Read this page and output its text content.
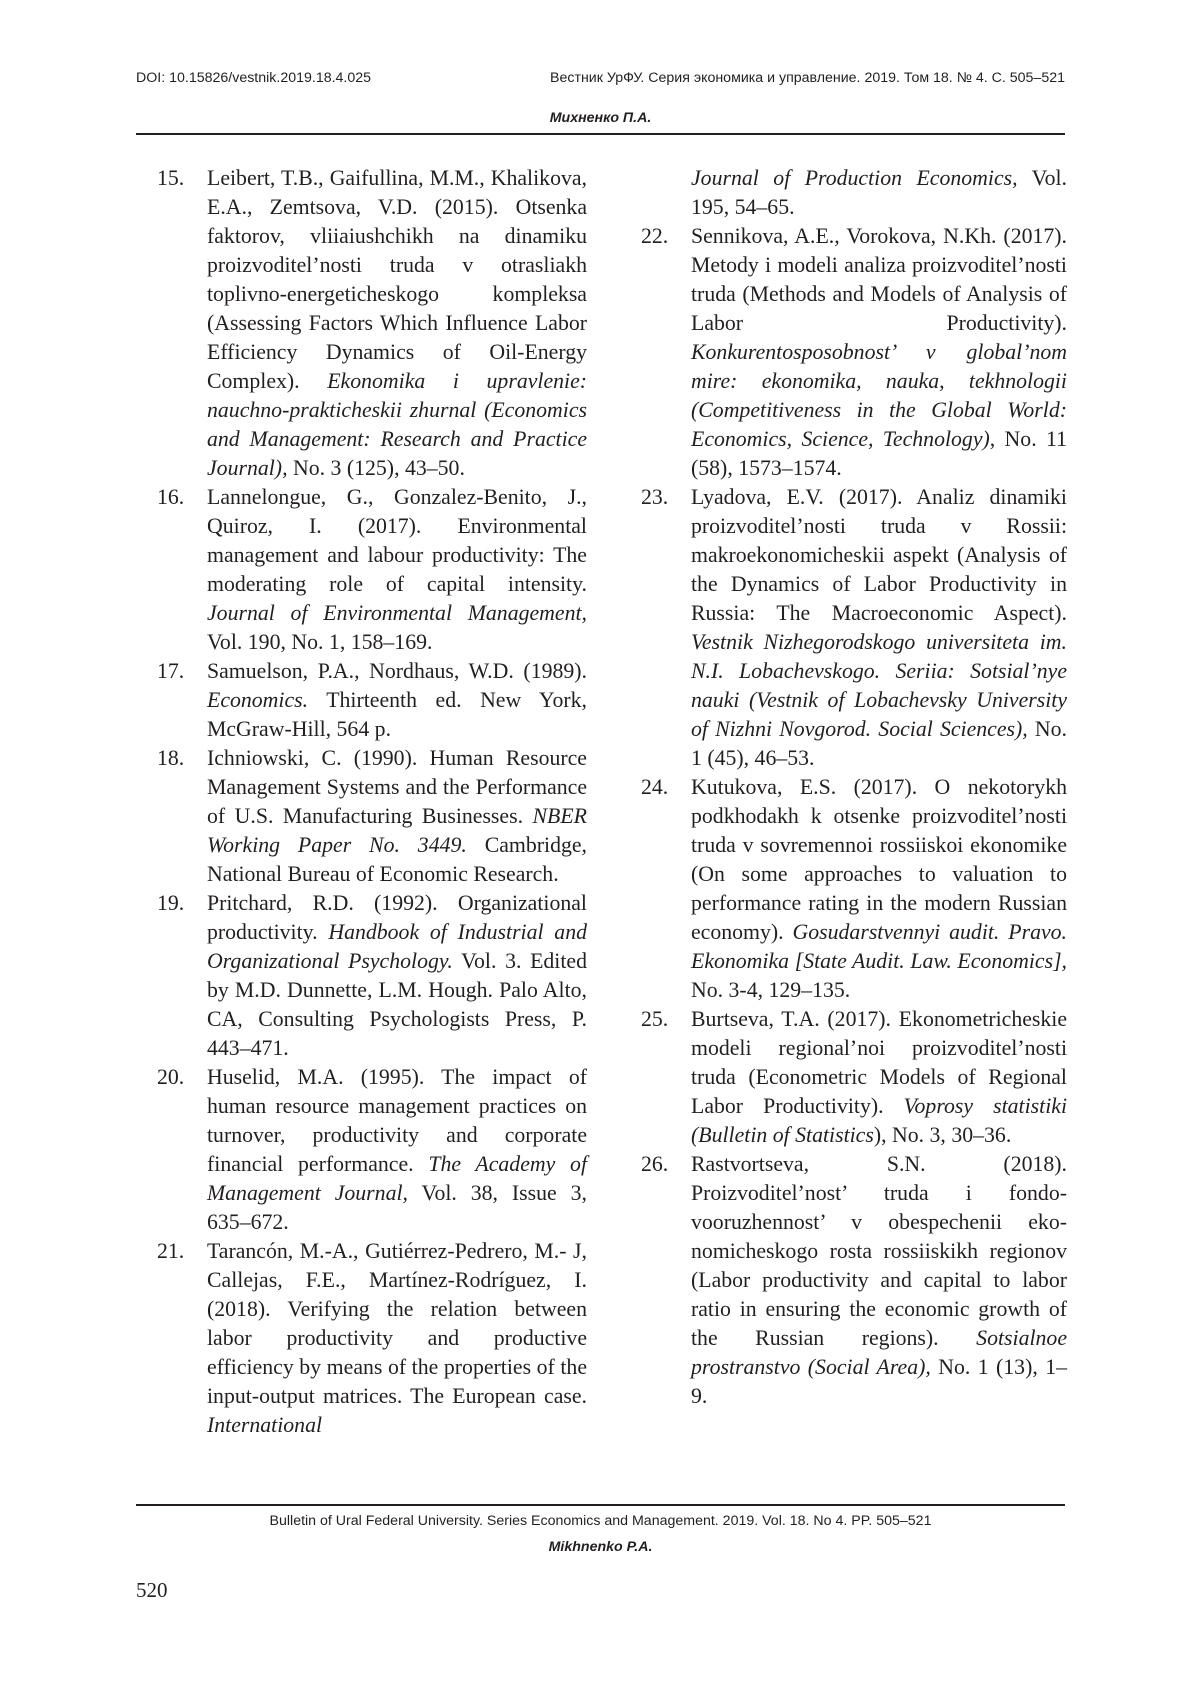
DOI: 10.15826/vestnik.2019.18.4.025	Вестник УрФУ. Серия экономика и управление. 2019. Том 18. № 4. С. 505–521
Михненко П.А.
15. Leibert, T.B., Gaifullina, M.M., Khalikova, E.A., Zemtsova, V.D. (2015). Otsenka faktorov, vliiaiushchikh na dinamiku proizvoditel’nosti truda v otrasliakh toplivno-energeticheskogo kompleksa (Assessing Factors Which Influence Labor Efficiency Dynamics of Oil-Energy Complex). Ekonomika i upravlenie: nauchno-prakticheskii zhurnal (Economics and Management: Research and Practice Journal), No. 3 (125), 43–50.
16. Lannelongue, G., Gonzalez-Benito, J., Quiroz, I. (2017). Environmental management and labour productivity: The moderating role of capital intensity. Journal of Environmental Management, Vol. 190, No. 1, 158–169.
17. Samuelson, P.A., Nordhaus, W.D. (1989). Economics. Thirteenth ed. New York, McGraw-Hill, 564 p.
18. Ichniowski, C. (1990). Human Resource Management Systems and the Performance of U.S. Manufacturing Businesses. NBER Working Paper No. 3449. Cambridge, National Bureau of Economic Research.
19. Pritchard, R.D. (1992). Organizational productivity. Handbook of Industrial and Organizational Psychology. Vol. 3. Edited by M.D. Dunnette, L.M. Hough. Palo Alto, CA, Consulting Psychologists Press, P. 443–471.
20. Huselid, M.A. (1995). The impact of human resource management practices on turnover, productivity and corporate financial performance. The Academy of Management Journal, Vol. 38, Issue 3, 635–672.
21. Tarancón, M.-A., Gutiérrez-Pedrero, M.- J, Callejas, F.E., Martínez-Rodríguez, I. (2018). Verifying the relation between labor productivity and productive efficiency by means of the properties of the input-output matrices. The European case. International
Journal of Production Economics, Vol. 195, 54–65.
22. Sennikova, A.E., Vorokova, N.Kh. (2017). Metody i modeli analiza proizvoditel’nosti truda (Methods and Models of Analysis of Labor Productivity). Konkurentosposobnost’ v global’nom mire: ekonomika, nauka, tekhnologii (Competitiveness in the Global World: Economics, Science, Technology), No. 11 (58), 1573–1574.
23. Lyadova, E.V. (2017). Analiz dinamiki proizvoditel’nosti truda v Rossii: makroekonomicheskii aspekt (Analysis of the Dynamics of Labor Productivity in Russia: The Macroeconomic Aspect). Vestnik Nizhegorodskogo universiteta im. N.I. Lobachevskogo. Seriia: Sotsial’nye nauki (Vestnik of Lobachevsky University of Nizhni Novgorod. Social Sciences), No. 1 (45), 46–53.
24. Kutukova, E.S. (2017). O nekotorykh podkhodakh k otsenke proizvoditel’nosti truda v sovremennoi rossiiskoi ekonomike (On some approaches to valuation to performance rating in the modern Russian economy). Gosudarstvennyi audit. Pravo. Ekonomika [State Audit. Law. Economics], No. 3-4, 129–135.
25. Burtseva, T.A. (2017). Ekonometricheskie modeli regional’noi proizvoditel’nosti truda (Econometric Models of Regional Labor Productivity). Voprosy statistiki (Bulletin of Statistics), No. 3, 30–36.
26. Rastvortseva, S.N. (2018). Proizvoditel’nost’ truda i fondovooruzhennost’ v obespechenii ekonomicheskogo rosta rossiiskikh regionov (Labor productivity and capital to labor ratio in ensuring the economic growth of the Russian regions). Sotsialnoe prostranstvo (Social Area), No. 1 (13), 1–9.
Bulletin of Ural Federal University. Series Economics and Management. 2019. Vol. 18. No 4. PP. 505–521
Mikhnenko P.A.
520
